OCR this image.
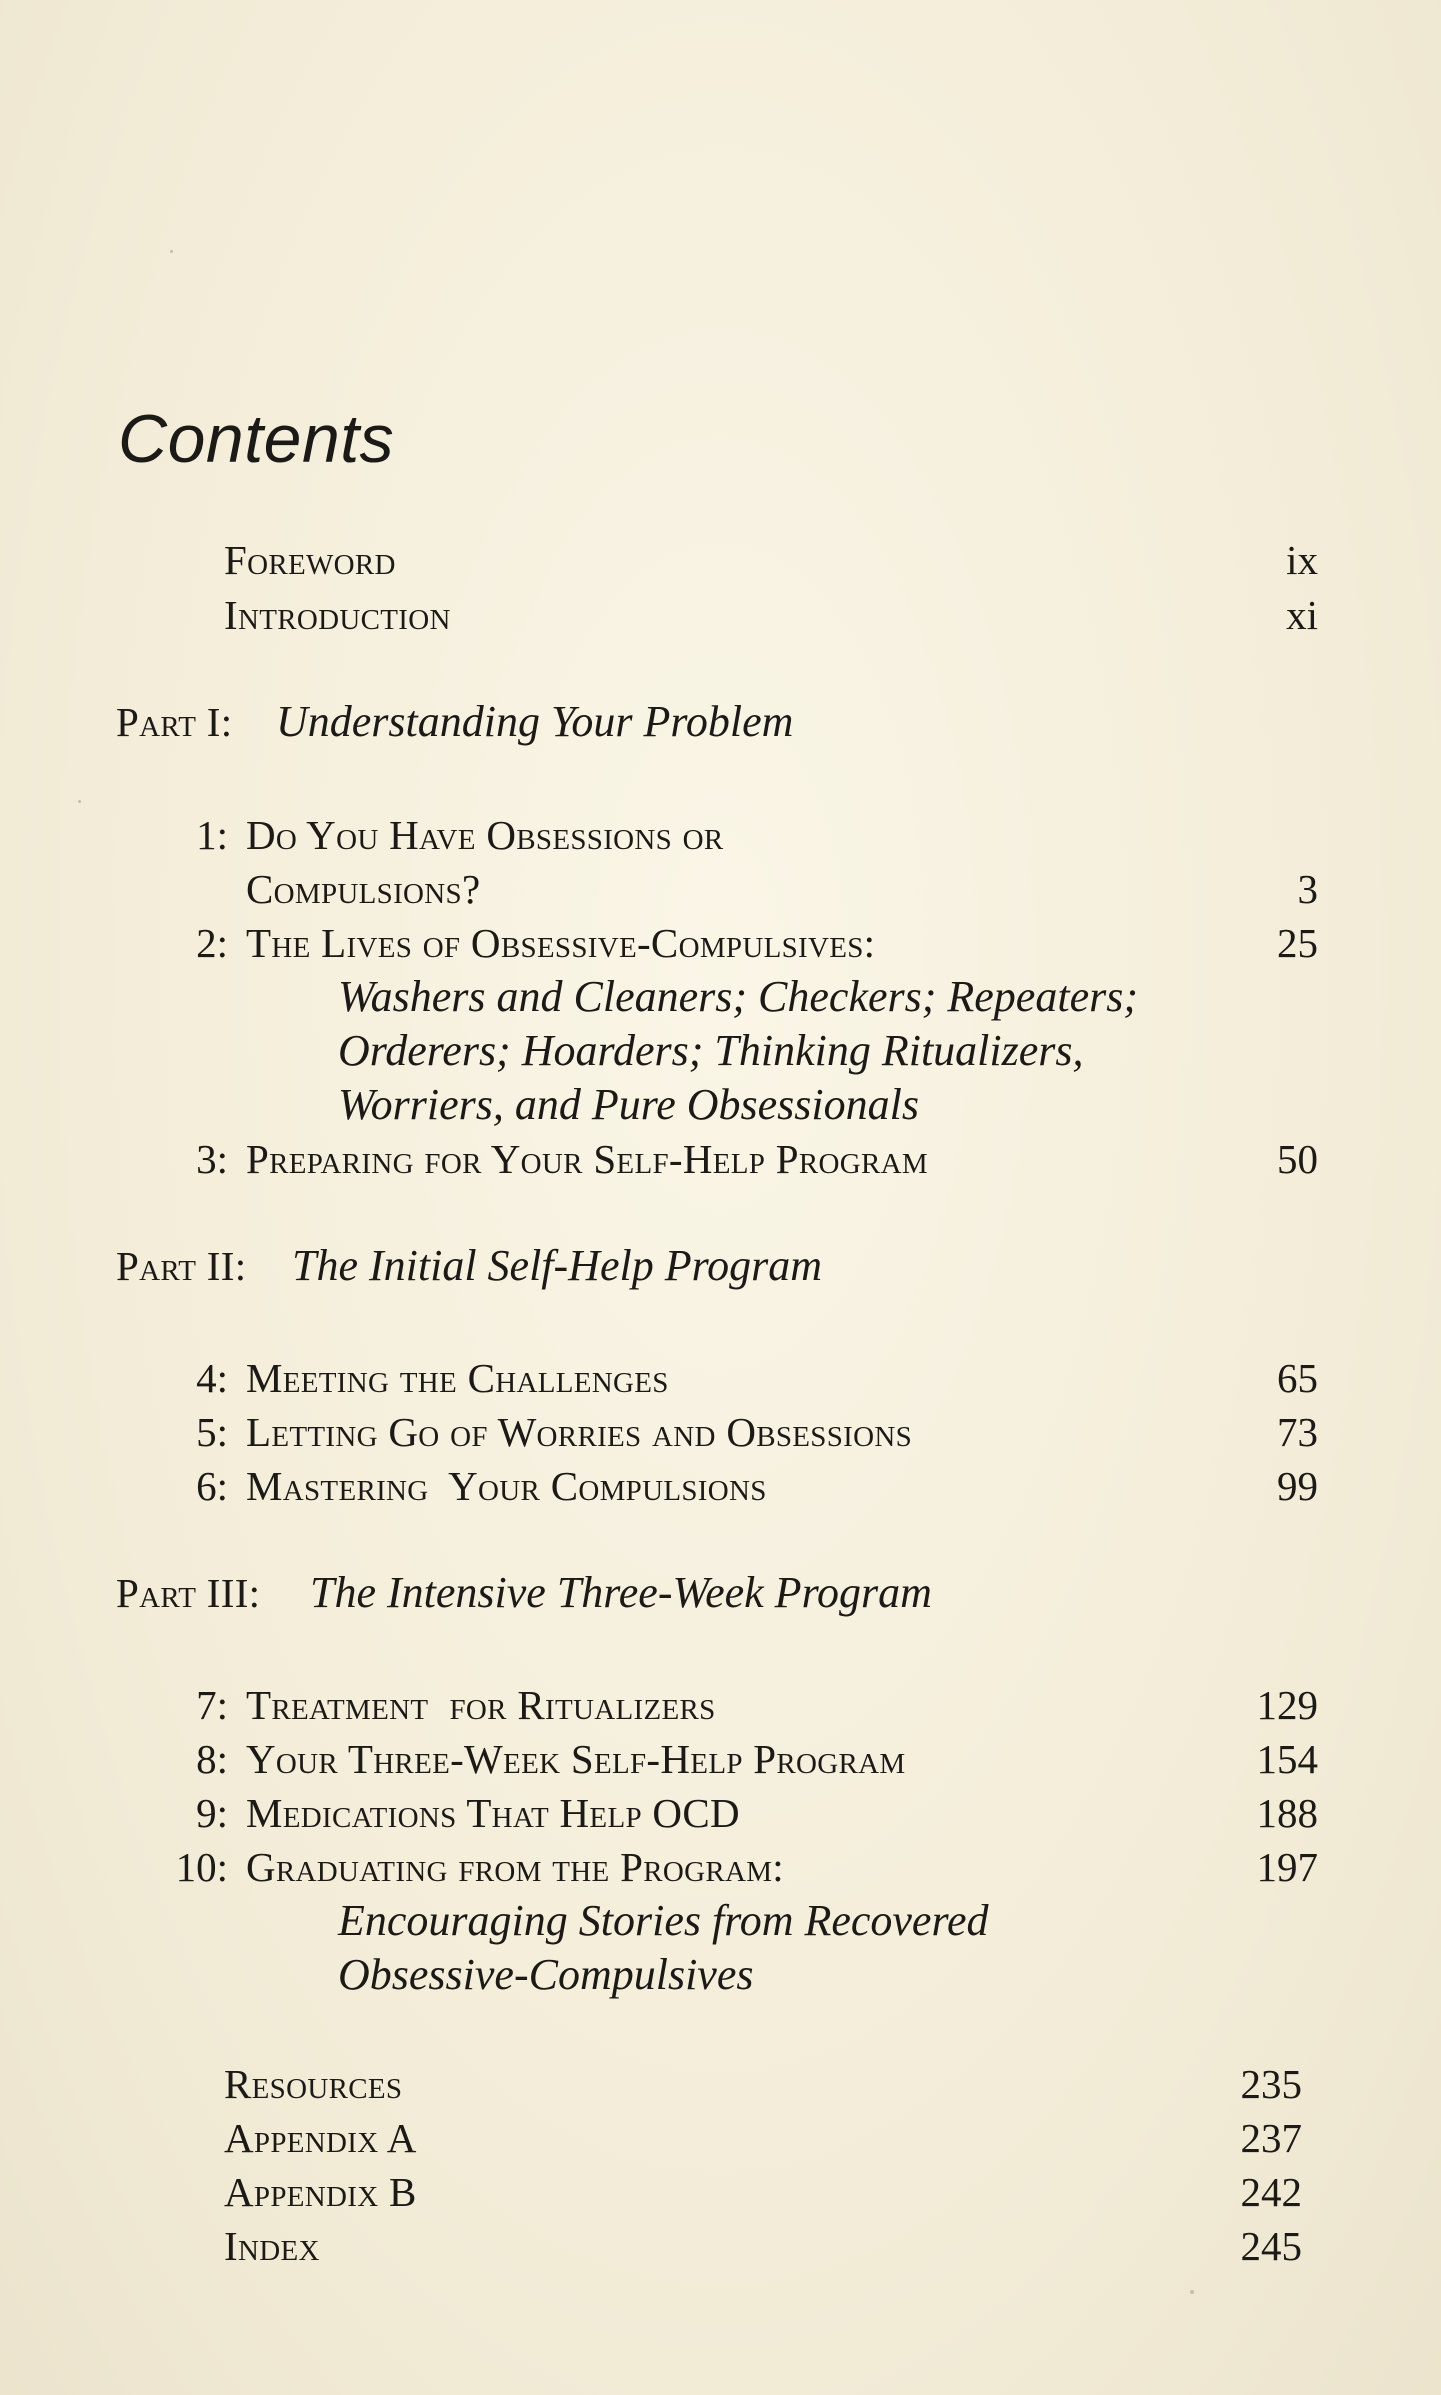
Contents
Foreword	ix
Introduction	xi
Part I: Understanding Your Problem
1: Do You Have Obsessions or
Compulsions?	3
2: The Lives of Obsessive-Compulsives:	25
Washers and Cleaners; Checkers; Repeaters;
Orderers; Hoarders; Thinking Ritualizers,
Worriers, and Pure Obsessionals
3: Preparing for Your Self-Help Program	50
Part II: The Initial Self-Help Program
4: Meeting the Challenges	65
5: Letting Go of Worries and Obsessions	73
6: Mastering  Your Compulsions	99
Part III: The Intensive Three-Week Program
7: Treatment  for Ritualizers	129
8: Your Three-Week Self-Help Program	154
9: Medications That Help OCD	188
10: Graduating from the Program:	197
Encouraging Stories from Recovered
Obsessive-Compulsives
Resources	235
Appendix A	237
Appendix B	242
Index	245
